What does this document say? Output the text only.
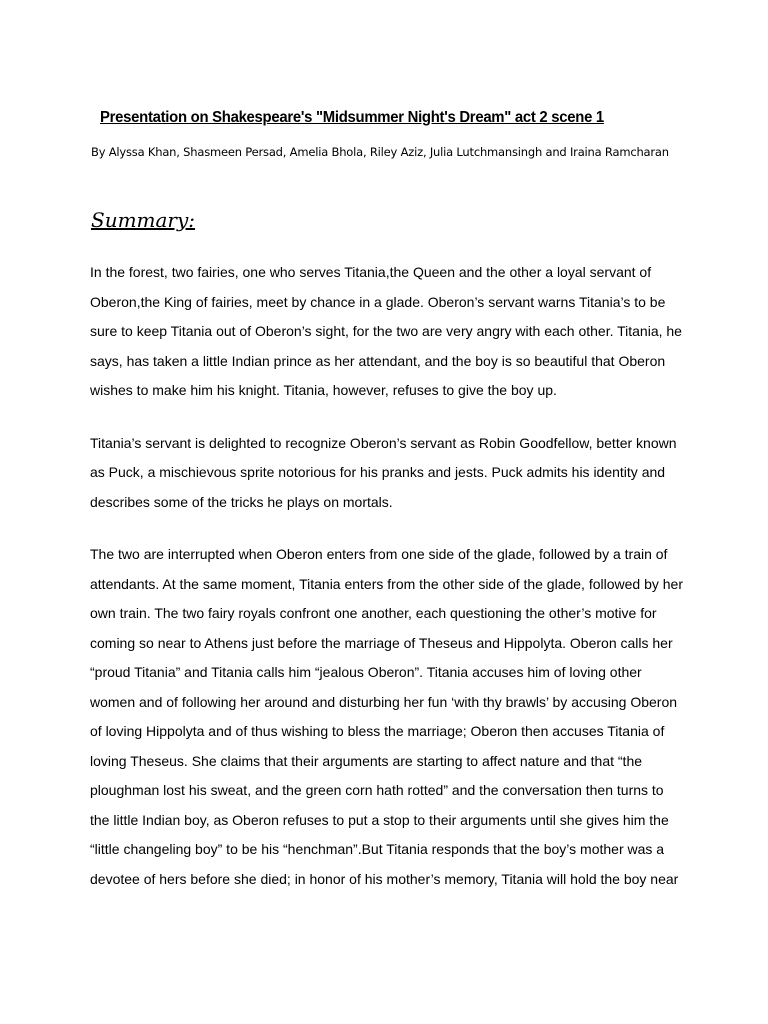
Presentation on Shakespeare's "Midsummer Night's Dream" act 2 scene 1

By Alyssa Khan, Shasmeen Persad, Amelia Bhola, Riley Aziz, Julia Lutchmansingh and Iraina Ramcharan

Summary:
In the forest, two fairies, one who serves Titania,the Queen and the other a loyal servant of
Oberon,the King of fairies, meet by chance in a glade. Oberon’s servant warns Titania’s to be
sure to keep Titania out of Oberon’s sight, for the two are very angry with each other. Titania, he
says, has taken a little Indian prince as her attendant, and the boy is so beautiful that Oberon
wishes to make him his knight. Titania, however, refuses to give the boy up.
Titania’s servant is delighted to recognize Oberon’s servant as Robin Goodfellow, better known
as Puck, a mischievous sprite notorious for his pranks and jests. Puck admits his identity and
describes some of the tricks he plays on mortals.
The two are interrupted when Oberon enters from one side of the glade, followed by a train of
attendants. At the same moment, Titania enters from the other side of the glade, followed by her
own train. The two fairy royals confront one another, each questioning the other’s motive for
coming so near to Athens just before the marriage of Theseus and Hippolyta. Oberon calls her
“proud Titania” and Titania calls him “jealous Oberon”. Titania accuses him of loving other
women and of following her around and disturbing her fun ‘with thy brawls’ by accusing Oberon
of loving Hippolyta and of thus wishing to bless the marriage; Oberon then accuses Titania of
loving Theseus. She claims that their arguments are starting to affect nature and that “the
ploughman lost his sweat, and the green corn hath rotted” and the conversation then turns to
the little Indian boy, as Oberon refuses to put a stop to their arguments until she gives him the
“little changeling boy” to be his “henchman”.But Titania responds that the boy’s mother was a
devotee of hers before she died; in honor of his mother’s memory, Titania will hold the boy near
